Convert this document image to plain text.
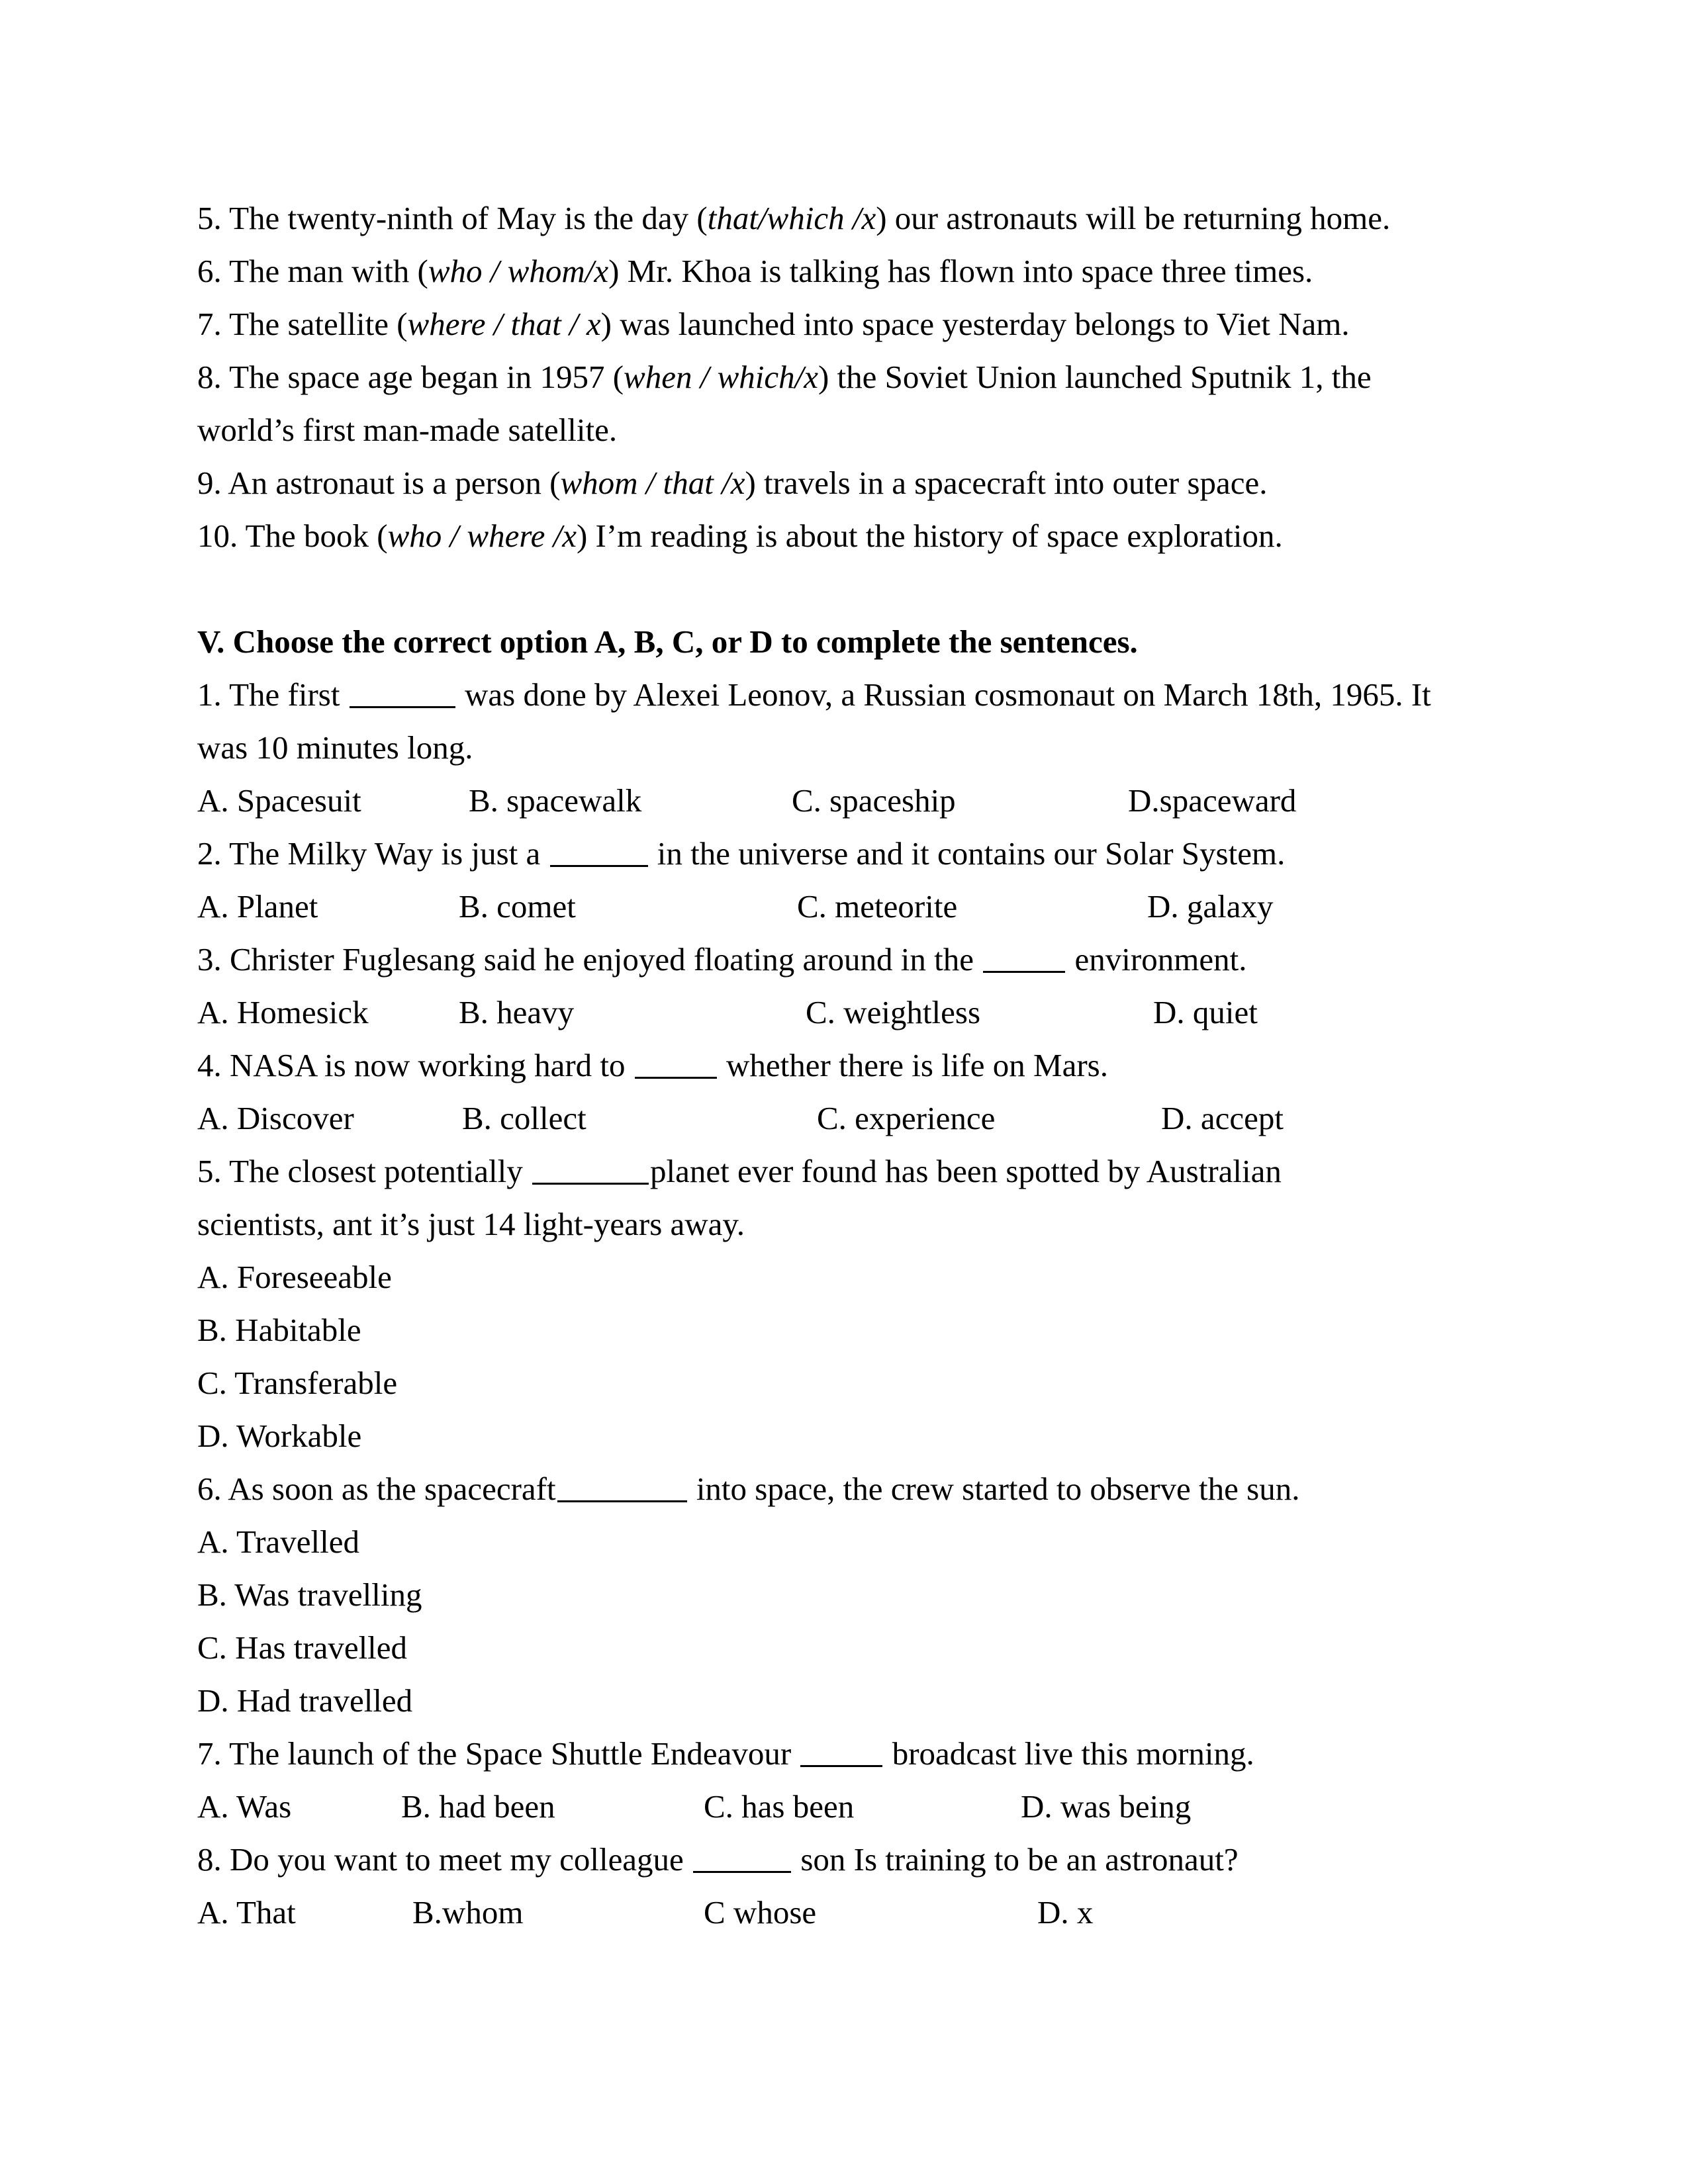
5. The twenty-ninth of May is the day (that/which /x) our astronauts will be returning home.
6. The man with (who / whom/x) Mr. Khoa is talking has flown into space three times.
7. The satellite (where / that / x) was launched into space yesterday belongs to Viet Nam.
8. The space age began in 1957 (when / which/x) the Soviet Union launched Sputnik 1, the
world’s first man-made satellite.
9. An astronaut is a person (whom / that /x) travels in a spacecraft into outer space.
10. The book (who / where /x) I’m reading is about the history of space exploration.
V. Choose the correct option A, B, C, or D to complete the sentences.
1. The first	was done by Alexei Leonov, a Russian cosmonaut on March 18th, 1965. It
was 10 minutes long.
A. Spacesuit	B. spacewalk	C. spaceship	D.spaceward
2. The Milky Way is just a	in the universe and it contains our Solar System.
A. Planet	B. comet	C. meteorite	D. galaxy
3. Christer Fuglesang said he enjoyed floating around in the	environment.
A. Homesick	B. heavy	C. weightless	D. quiet
4. NASA is now working hard to	whether there is life on Mars.
A. Discover	B. collect	C. experience	D. accept
5. The closest potentially	planet ever found has been spotted by Australian
scientists, ant it’s just 14 light-years away.
A. Foreseeable
B. Habitable
C. Transferable
D. Workable
6. As soon as the spacecraft	into space, the crew started to observe the sun.
A. Travelled
B. Was travelling
C. Has travelled
D. Had travelled
7. The launch of the Space Shuttle Endeavour	broadcast live this morning.
A. Was	B. had been	C. has been	D. was being
8. Do you want to meet my colleague	son Is training to be an astronaut?
A. That	B.whom	C whose	D. x
